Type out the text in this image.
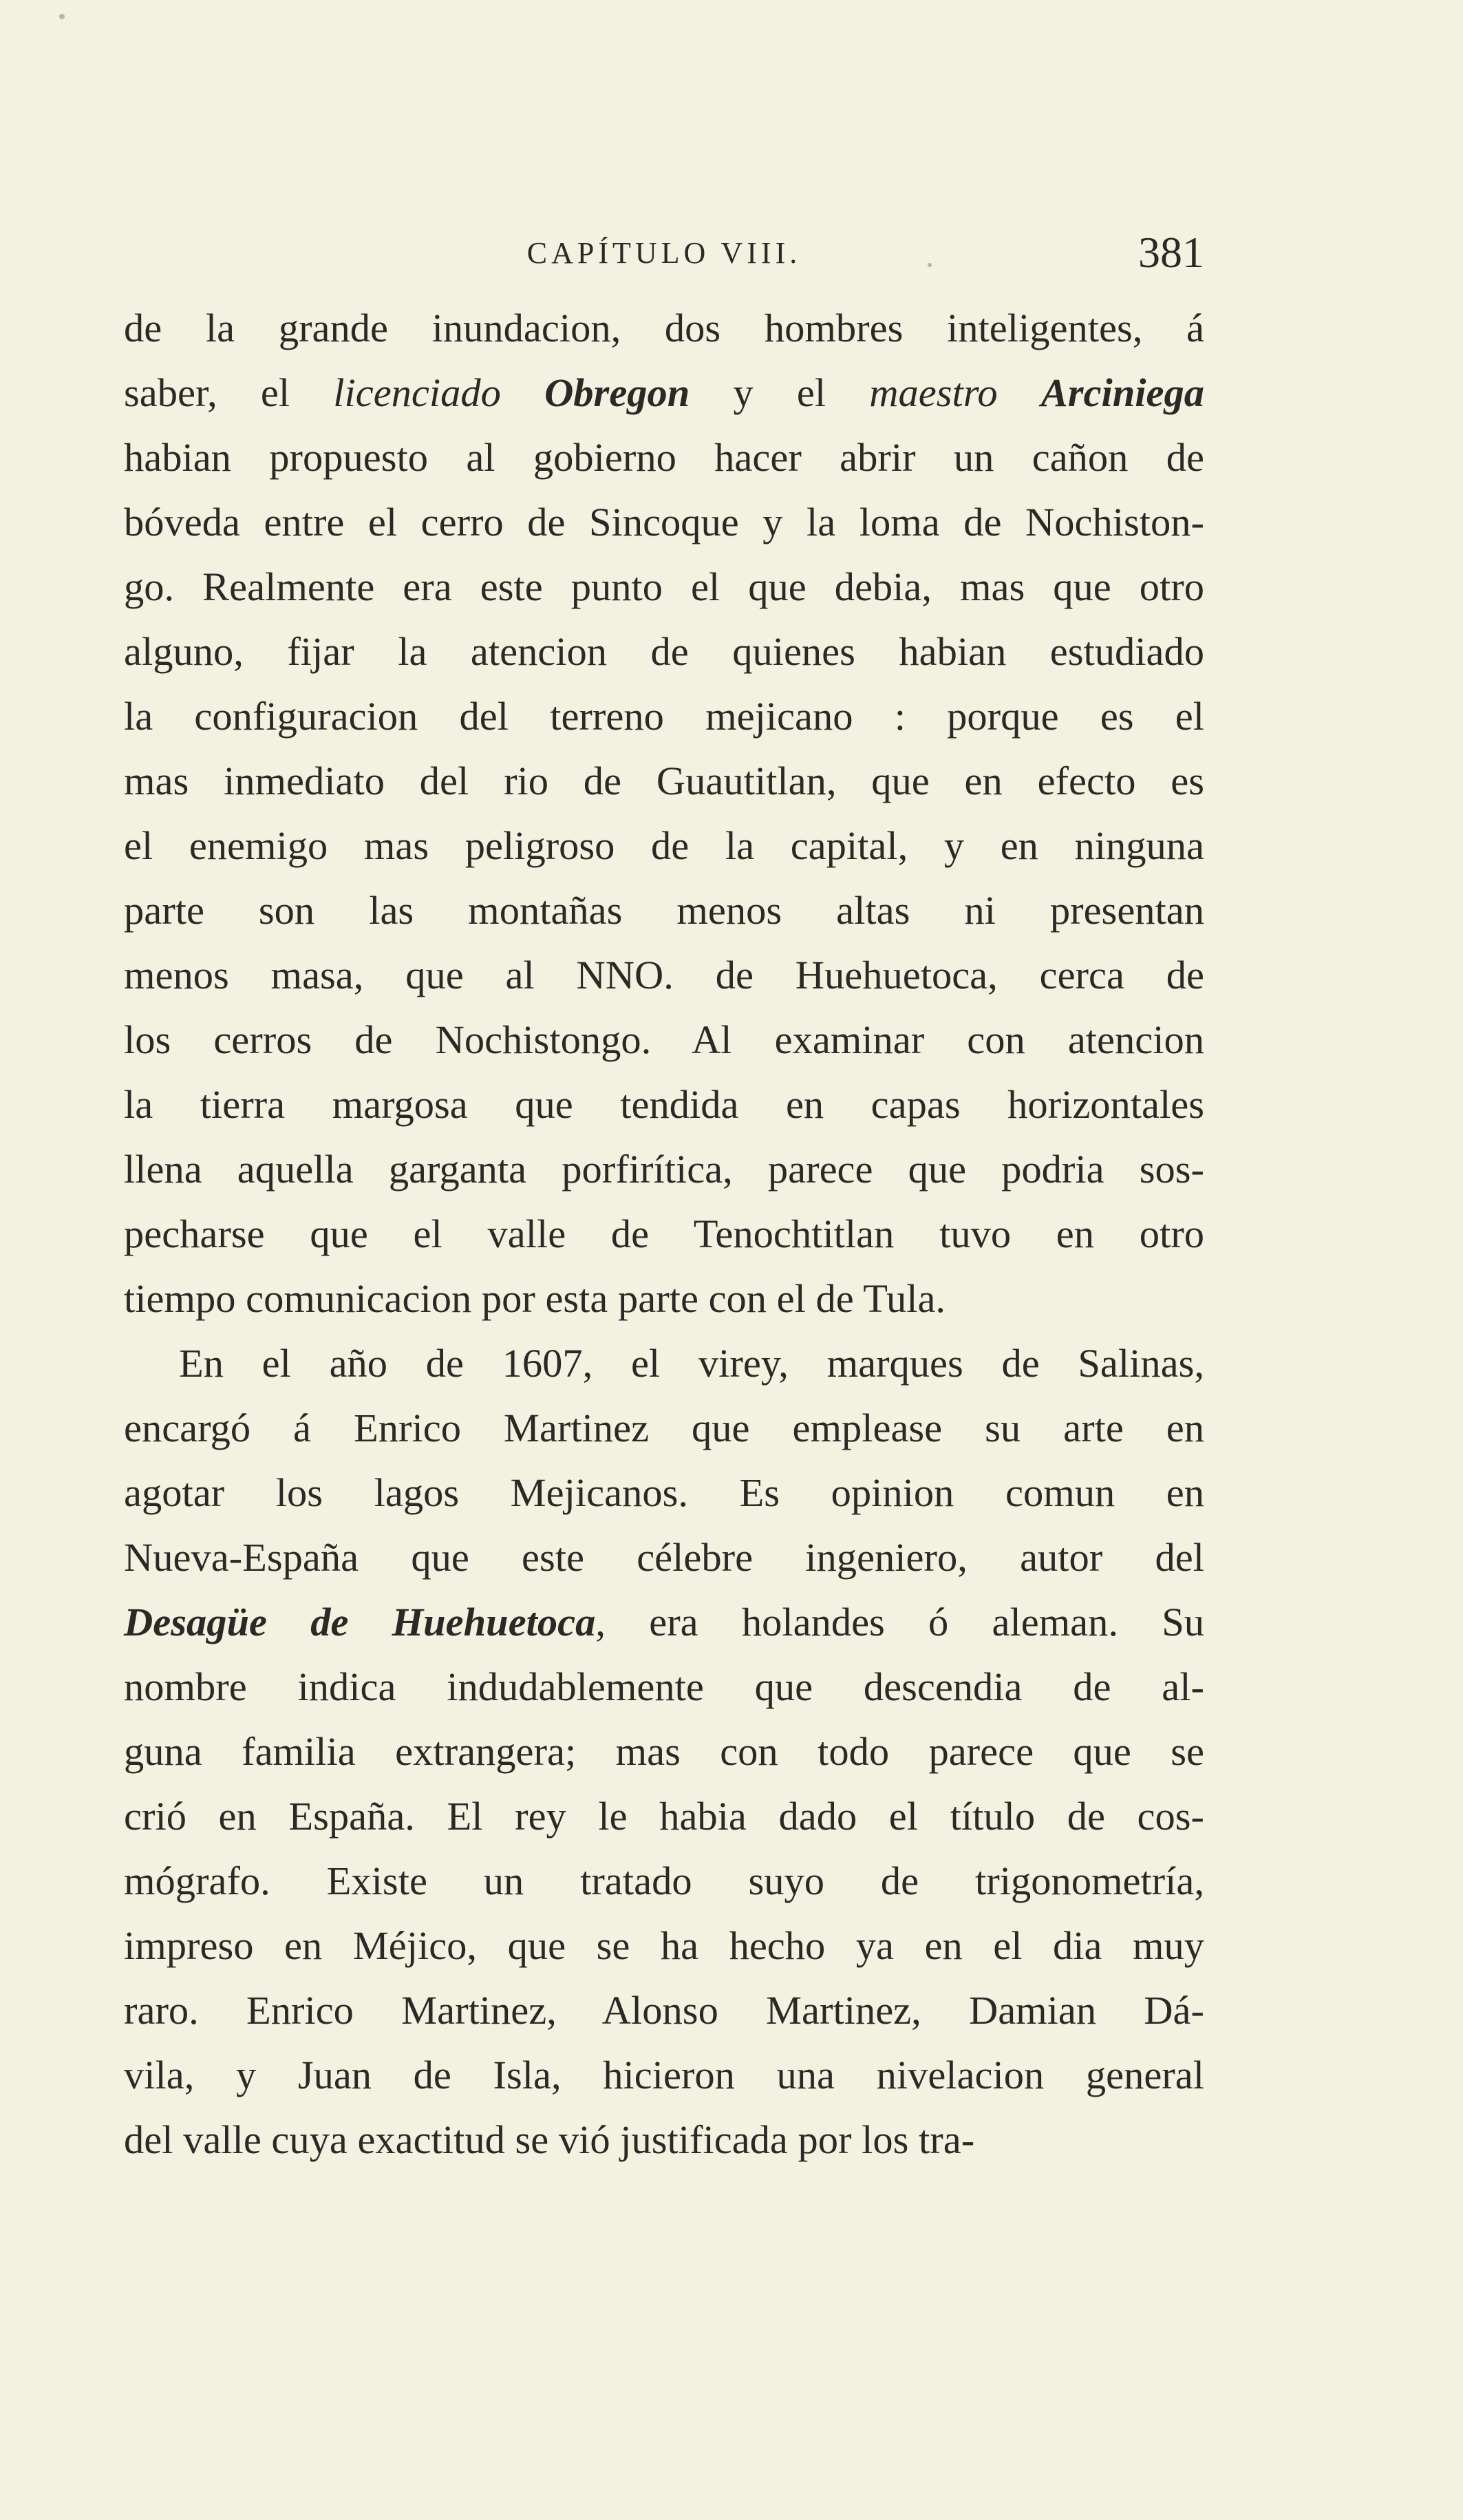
CAPÍTULO VIII.	381
de la grande inundacion, dos hombres inteligentes, á
saber, el licenciado Obregon y el maestro Arciniega
habian propuesto al gobierno hacer abrir un cañon de
bóveda entre el cerro de Sincoque y la loma de Nochiston-
go. Realmente era este punto el que debia, mas que otro
alguno, fijar la atencion de quienes habian estudiado
la configuracion del terreno mejicano : porque es el
mas inmediato del rio de Guautitlan, que en efecto es
el enemigo mas peligroso de la capital, y en ninguna
parte son las montañas menos altas ni presentan
menos masa, que al NNO. de Huehuetoca, cerca de
los cerros de Nochistongo. Al examinar con atencion
la tierra margosa que tendida en capas horizontales
llena aquella garganta porfirítica, parece que podria sos-
pecharse que el valle de Tenochtitlan tuvo en otro
tiempo comunicacion por esta parte con el de Tula.
En el año de 1607, el virey, marques de Salinas,
encargó á Enrico Martinez que emplease su arte en
agotar los lagos Mejicanos. Es opinion comun en
Nueva-España que este célebre ingeniero, autor del
Desagüe de Huehuetoca, era holandes ó aleman. Su
nombre indica indudablemente que descendia de al-
guna familia extrangera; mas con todo parece que se
crió en España. El rey le habia dado el título de cos-
mógrafo. Existe un tratado suyo de trigonometría,
impreso en Méjico, que se ha hecho ya en el dia muy
raro. Enrico Martinez, Alonso Martinez, Damian Dá-
vila, y Juan de Isla, hicieron una nivelacion general
del valle cuya exactitud se vió justificada por los tra-
